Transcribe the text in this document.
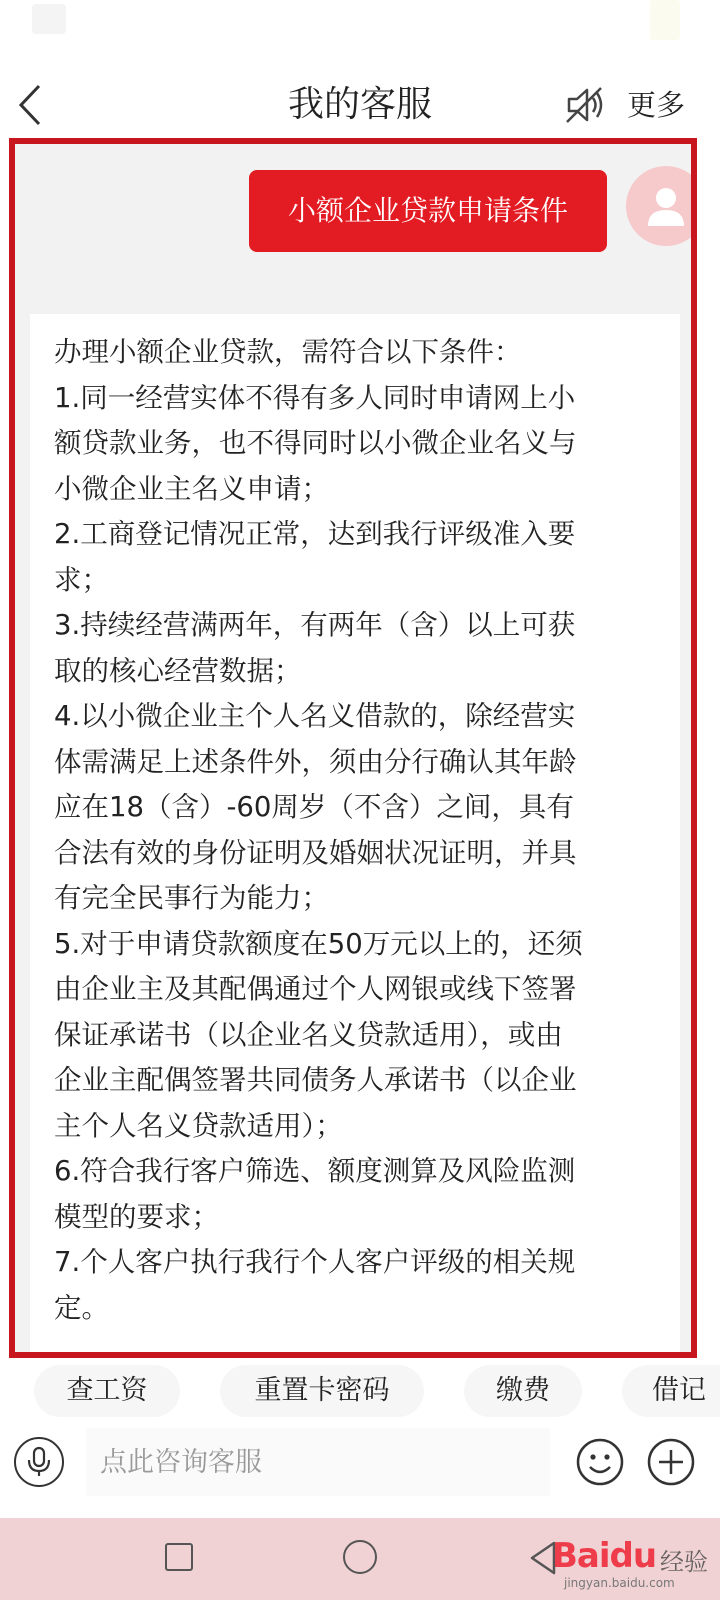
我的客服	更多
小额企业贷款申请条件
办理小额企业贷款，需符合以下条件：
1.同一经营实体不得有多人同时申请网上小
额贷款业务，也不得同时以小微企业名义与
小微企业主名义申请；
2.工商登记情况正常，达到我行评级准入要
求；
3.持续经营满两年，有两年（含）以上可获
取的核心经营数据；
4.以小微企业主个人名义借款的，除经营实
体需满足上述条件外，须由分行确认其年龄
应在18（含）-60周岁（不含）之间，具有
合法有效的身份证明及婚姻状况证明，并具
有完全民事行为能力；
5.对于申请贷款额度在50万元以上的，还须
由企业主及其配偶通过个人网银或线下签署
保证承诺书（以企业名义贷款适用），或由
企业主配偶签署共同债务人承诺书（以企业
主个人名义贷款适用）；
6.符合我行客户筛选、额度测算及风险监测
模型的要求；
7.个人客户执行我行个人客户评级的相关规
定。
查工资	重置卡密码	缴费	借记
点此咨询客服
Baidu 经验
jingyan.baidu.com
